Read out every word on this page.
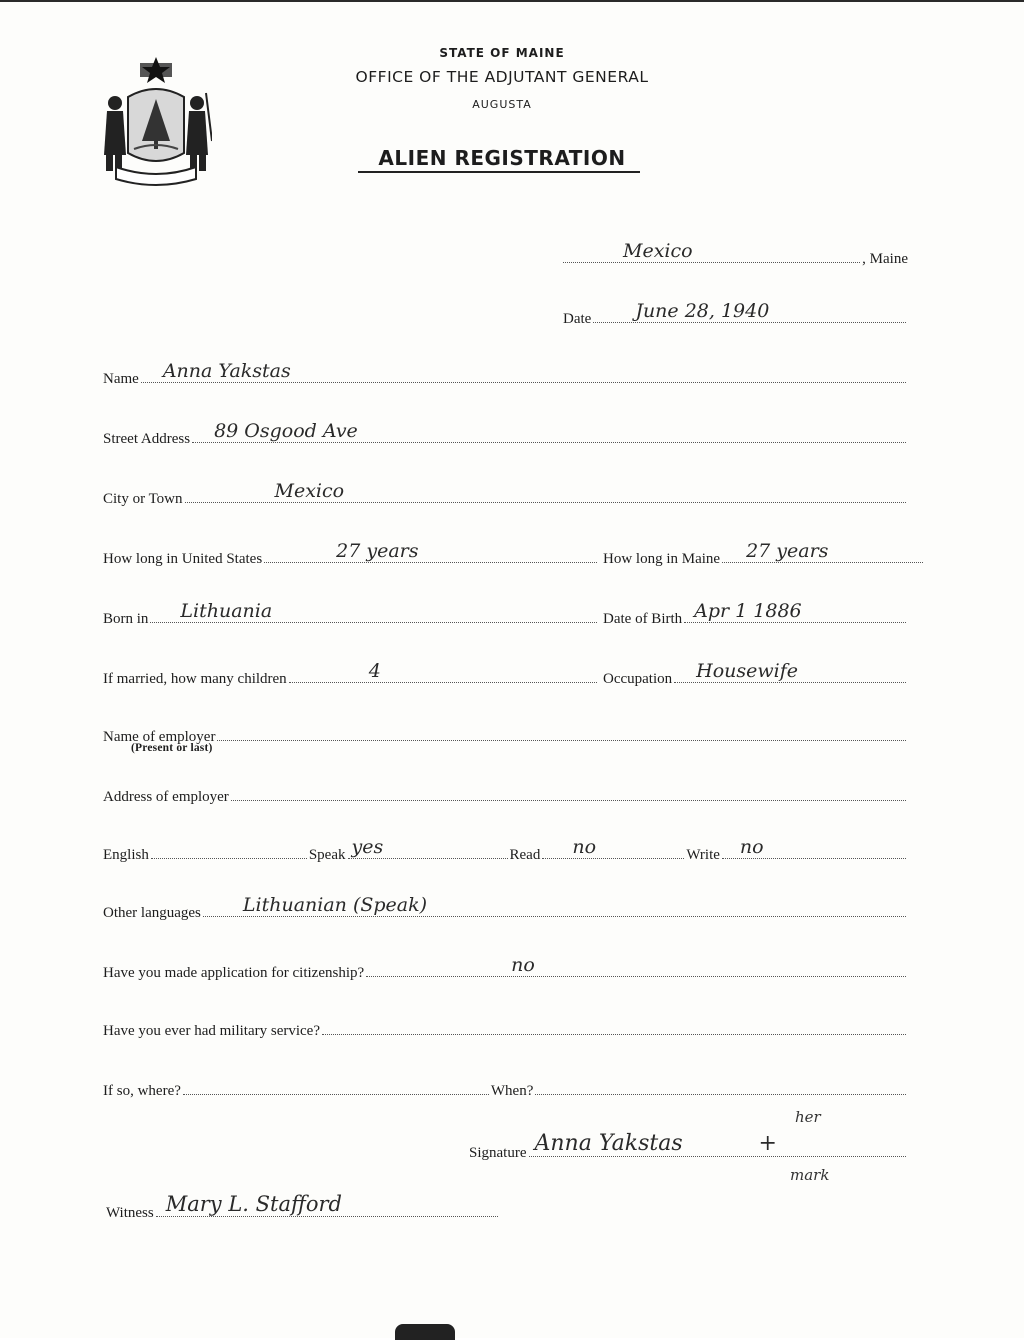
STATE OF MAINE
OFFICE OF THE ADJUTANT GENERAL
AUGUSTA
ALIEN REGISTRATION
Mexico	, Maine
Date June 28, 1940
Name Anna Yakstas
Street Address 89 Osgood Ave
City or Town	Mexico
How long in United States	27 years	How long in Maine 27 years
Born in Lithuania	Date of Birth Apr 1 1886
If married, how many children	4	Occupation Housewife
Name of employer
(Present or last)
Address of employer
English	Speak yes	Read no	Write no
Other languages Lithuanian (Speak)
Have you made application for citizenship?	no
Have you ever had military service?
If so, where?	When?
Signature Anna Yakstas	+
her
mark
Witness Mary L. Stafford
